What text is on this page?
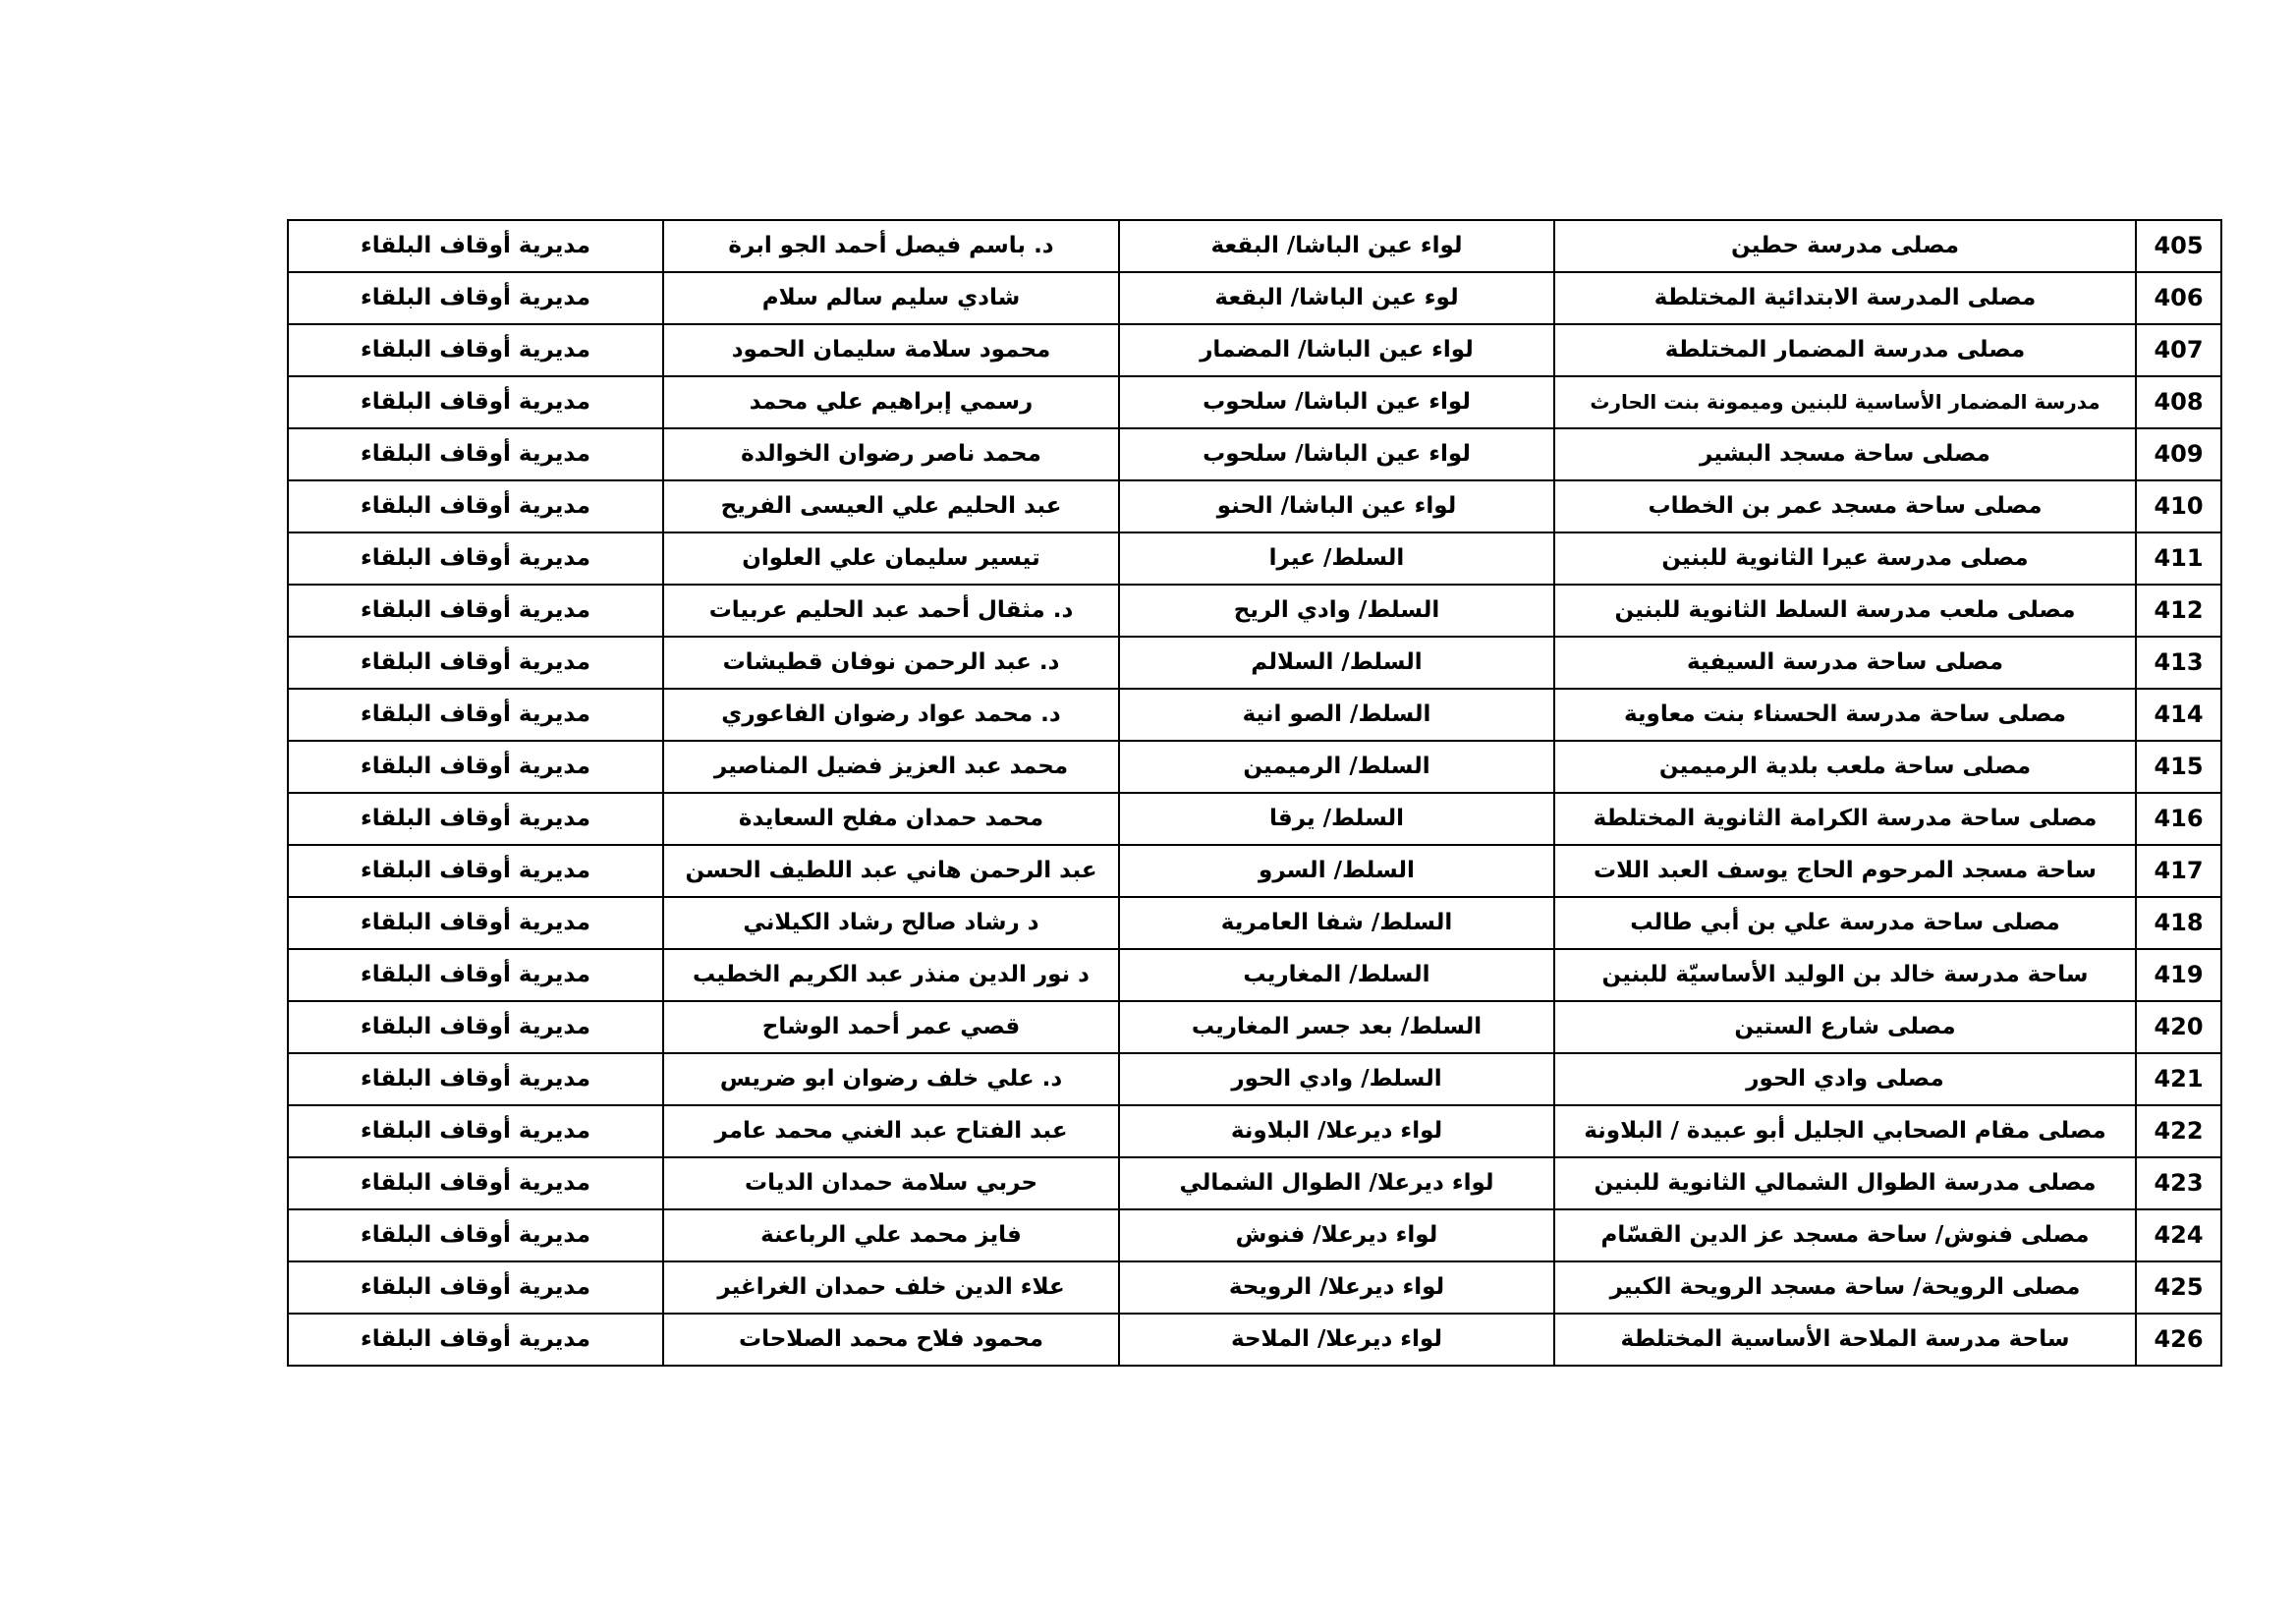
405	مصلى مدرسة حطين	لواء عين الباشا/ البقعة	د. باسم فيصل أحمد الجو ابرة	مديرية أوقاف البلقاء
406	مصلى المدرسة الابتدائية المختلطة	لوء عين الباشا/ البقعة	شادي سليم سالم سلام	مديرية أوقاف البلقاء
407	مصلى مدرسة المضمار المختلطة	لواء عين الباشا/ المضمار	محمود سلامة سليمان الحمود	مديرية أوقاف البلقاء
408	مدرسة المضمار الأساسية للبنين وميمونة بنت الحارث	لواء عين الباشا/ سلحوب	رسمي إبراهيم علي محمد	مديرية أوقاف البلقاء
409	مصلى ساحة مسجد البشير	لواء عين الباشا/ سلحوب	محمد ناصر رضوان الخوالدة	مديرية أوقاف البلقاء
410	مصلى ساحة مسجد عمر بن الخطاب	لواء عين الباشا/ الحنو	عبد الحليم علي العيسى الفريح	مديرية أوقاف البلقاء
411	مصلى مدرسة عيرا الثانوية للبنين	السلط/ عيرا	تيسير سليمان علي العلوان	مديرية أوقاف البلقاء
412	مصلى ملعب مدرسة السلط الثانوية للبنين	السلط/ وادي الريح	د. مثقال أحمد عبد الحليم عربيات	مديرية أوقاف البلقاء
413	مصلى ساحة مدرسة السيفية	السلط/ السلالم	د. عبد الرحمن نوفان قطيشات	مديرية أوقاف البلقاء
414	مصلى ساحة مدرسة الحسناء بنت معاوية	السلط/ الصو انية	د. محمد عواد رضوان الفاعوري	مديرية أوقاف البلقاء
415	مصلى ساحة ملعب بلدية الرميمين	السلط/ الرميمين	محمد عبد العزيز فضيل المناصير	مديرية أوقاف البلقاء
416	مصلى ساحة مدرسة الكرامة الثانوية المختلطة	السلط/ يرقا	محمد حمدان مفلح السعايدة	مديرية أوقاف البلقاء
417	ساحة مسجد المرحوم الحاج يوسف العبد اللات	السلط/ السرو	عبد الرحمن هاني عبد اللطيف الحسن	مديرية أوقاف البلقاء
418	مصلى ساحة مدرسة علي بن أبي طالب	السلط/ شفا العامرية	د رشاد صالح رشاد الكيلاني	مديرية أوقاف البلقاء
419	ساحة مدرسة خالد بن الوليد الأساسيّة للبنين	السلط/ المغاريب	د نور الدين منذر عبد الكريم الخطيب	مديرية أوقاف البلقاء
420	مصلى شارع الستين	السلط/ بعد جسر المغاريب	قصي عمر أحمد الوشاح	مديرية أوقاف البلقاء
421	مصلى وادي الحور	السلط/ وادي الحور	د. علي خلف رضوان ابو ضريس	مديرية أوقاف البلقاء
422	مصلى مقام الصحابي الجليل أبو عبيدة / البلاونة	لواء ديرعلا/ البلاونة	عبد الفتاح عبد الغني محمد عامر	مديرية أوقاف البلقاء
423	مصلى مدرسة الطوال الشمالي الثانوية للبنين	لواء ديرعلا/ الطوال الشمالي	حربي سلامة حمدان الديات	مديرية أوقاف البلقاء
424	مصلى فنوش/ ساحة مسجد عز الدين القسّام	لواء ديرعلا/ فنوش	فايز محمد علي الرباعنة	مديرية أوقاف البلقاء
425	مصلى الرويحة/ ساحة مسجد الرويحة الكبير	لواء ديرعلا/ الرويحة	علاء الدين خلف حمدان الغراغير	مديرية أوقاف البلقاء
426	ساحة مدرسة الملاحة الأساسية المختلطة	لواء ديرعلا/ الملاحة	محمود فلاح محمد الصلاحات	مديرية أوقاف البلقاء
